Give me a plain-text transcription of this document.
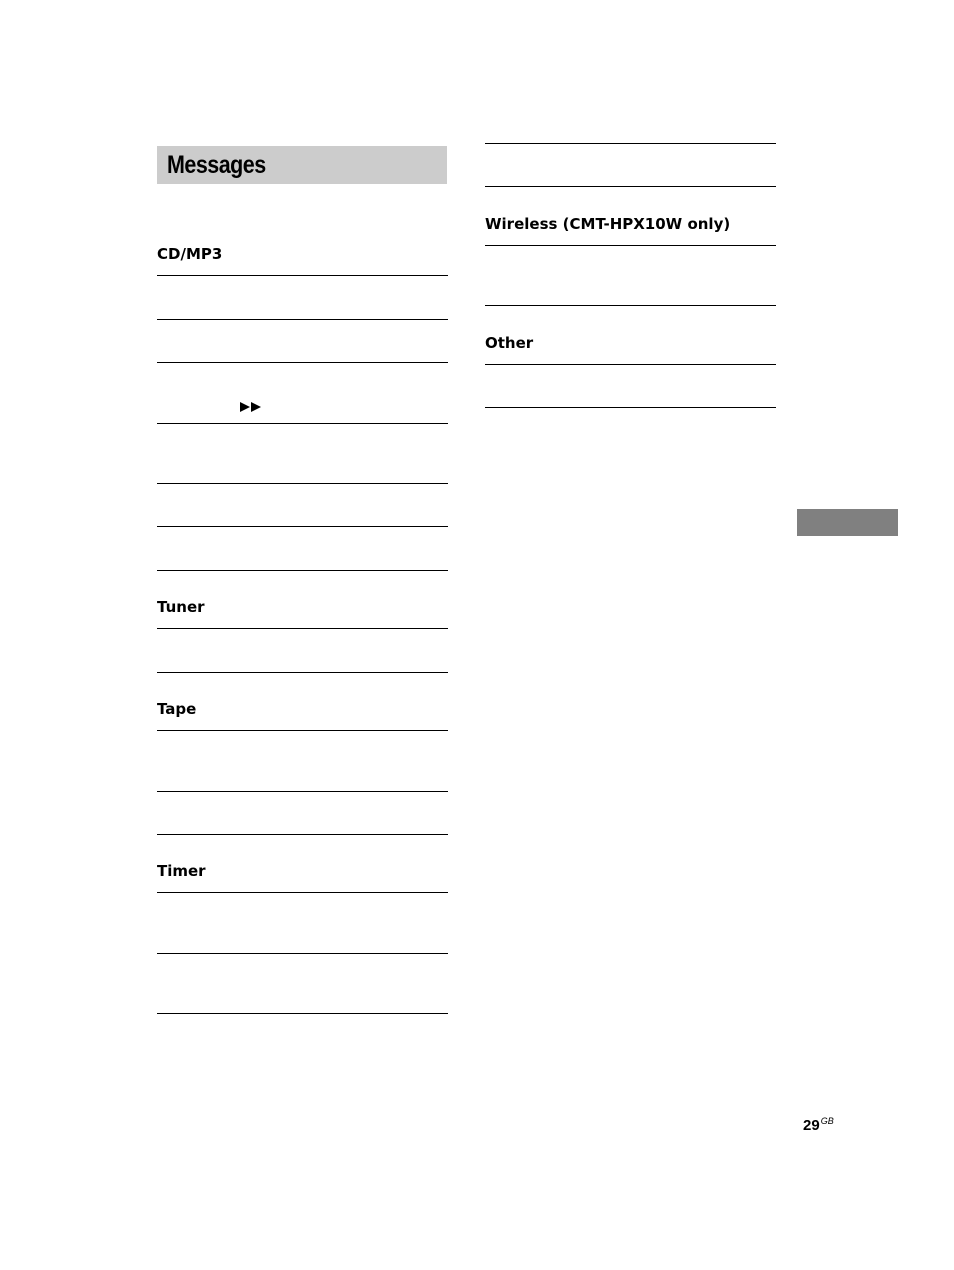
Messages
CD/MP3
Tuner
Tape
Timer
Wireless (CMT-HPX10W only)
Other
$29^{GB}$
